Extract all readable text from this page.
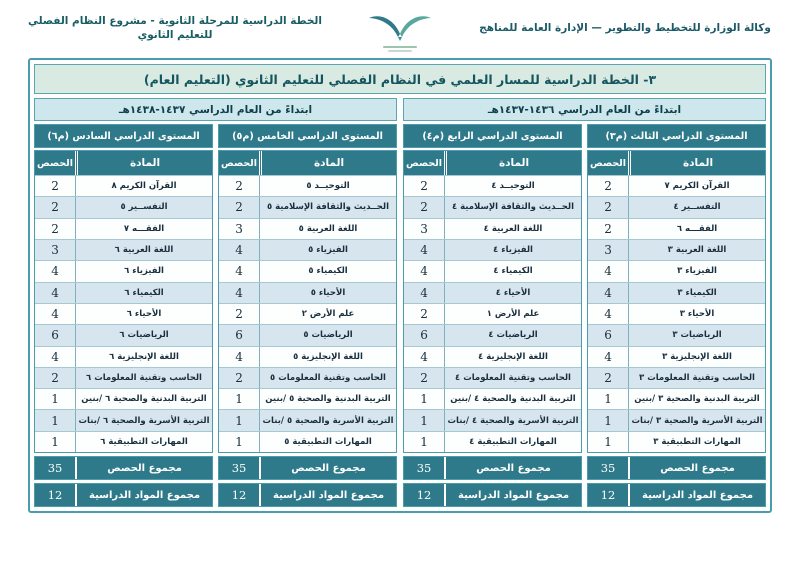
وكالة الوزارة للتخطيط والتطوير — الإدارة العامة للمناهج
الخطة الدراسية للمرحلة الثانوية - مشروع النظام الفصلي للتعليم الثانوي
٣- الخطة الدراسية للمسار العلمي في النظام الفصلي للتعليم الثانوي (التعليم العام)
ابتداءً من العام الدراسي ١٤٣٦-١٤٣٧هـ
المستوى الدراسي الثالث (م٣)
المادة
الحصص
القرآن الكريم ٧
2
التفســير ٤
2
الفقـــه ٦
2
اللغة العربية ٣
3
الفيزياء ٣
4
الكيمياء ٣
4
الأحياء ٣
4
الرياضيات ٣
6
اللغة الإنجليزية ٣
4
الحاسب وتقنية المعلومات ٣
2
التربية البدنية والصحية ٣ /بنين
1
التربية الأسرية والصحية ٣ /بنات
1
المهارات التطبيقية ٣
1
مجموع الحصص
35
مجموع المواد الدراسية
12
المستوى الدراسي الرابع (م٤)
المادة
الحصص
التوحيــد ٤
2
الحــديث والثقافة الإسلامية ٤
2
اللغة العربية ٤
3
الفيزياء ٤
4
الكيمياء ٤
4
الأحياء ٤
4
علم الأرض ١
2
الرياضيات ٤
6
اللغة الإنجليزية ٤
4
الحاسب وتقنية المعلومات ٤
2
التربية البدنية والصحية ٤ /بنين
1
التربية الأسرية والصحية ٤ /بنات
1
المهارات التطبيقية ٤
1
مجموع الحصص
35
مجموع المواد الدراسية
12
ابتداءً من العام الدراسي ١٤٣٧-١٤٣٨هـ
المستوى الدراسي الخامس (م٥)
المادة
الحصص
التوحيــد ٥
2
الحــديث والثقافة الإسلامية ٥
2
اللغة العربية ٥
3
الفيزياء ٥
4
الكيمياء ٥
4
الأحياء ٥
4
علم الأرض ٢
2
الرياضيات ٥
6
اللغة الإنجليزية ٥
4
الحاسب وتقنية المعلومات ٥
2
التربية البدنية والصحية ٥ /بنين
1
التربية الأسرية والصحية ٥ /بنات
1
المهارات التطبيقية ٥
1
مجموع الحصص
35
مجموع المواد الدراسية
12
المستوى الدراسي السادس (م٦)
المادة
الحصص
القرآن الكريم ٨
2
التفســير ٥
2
الفقـــه ٧
2
اللغة العربية ٦
3
الفيزياء ٦
4
الكيمياء ٦
4
الأحياء ٦
4
الرياضيات ٦
6
اللغة الإنجليزية ٦
4
الحاسب وتقنية المعلومات ٦
2
التربية البدنية والصحية ٦ /بنين
1
التربية الأسرية والصحية ٦ /بنات
1
المهارات التطبيقية ٦
1
مجموع الحصص
35
مجموع المواد الدراسية
12
